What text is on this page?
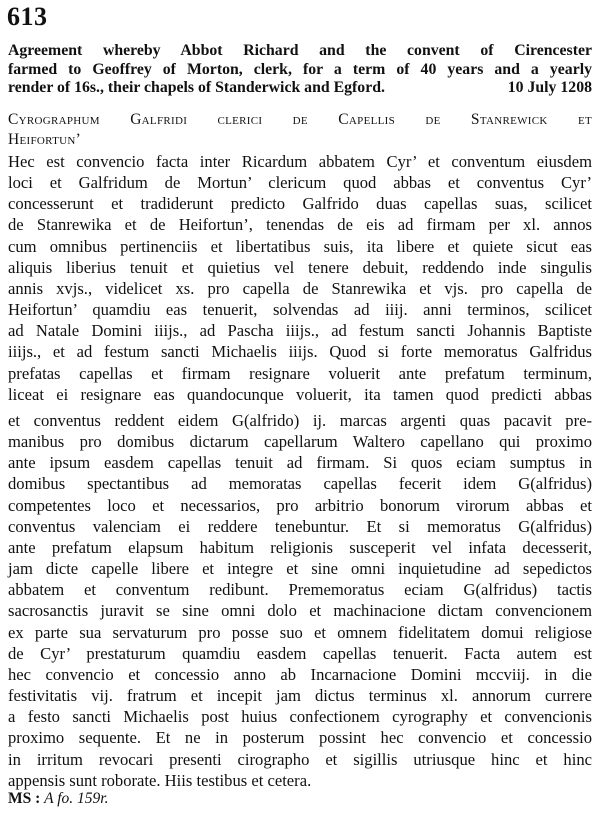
613
Agreement whereby Abbot Richard and the convent of Cirencester
farmed to Geoffrey of Morton, clerk, for a term of 40 years and a yearly
render of 16s., their chapels of Standerwick and Egford.	10 July 1208
Cyrographum Galfridi clerici de Capellis de Stanrewick et
Heifortun’
Hec est convencio facta inter Ricardum abbatem Cyr’ et conventum eiusdem
loci et Galfridum de Mortun’ clericum quod abbas et conventus Cyr’
concesserunt et tradiderunt predicto Galfrido duas capellas suas, scilicet
de Stanrewika et de Heifortun’, tenendas de eis ad firmam per xl. annos
cum omnibus pertinenciis et libertatibus suis, ita libere et quiete sicut eas
aliquis liberius tenuit et quietius vel tenere debuit, reddendo inde singulis
annis xvjs., videlicet xs. pro capella de Stanrewika et vjs. pro capella de
Heifortun’ quamdiu eas tenuerit, solvendas ad iiij. anni terminos, scilicet
ad Natale Domini iiijs., ad Pascha iiijs., ad festum sancti Johannis Baptiste
iiijs., et ad festum sancti Michaelis iiijs. Quod si forte memoratus Galfridus
prefatas capellas et firmam resignare voluerit ante prefatum terminum,
liceat ei resignare eas quandocunque voluerit, ita tamen quod predicti abbas
et conventus reddent eidem G(alfrido) ij. marcas argenti quas pacavit pre-
manibus pro domibus dictarum capellarum Waltero capellano qui proximo
ante ipsum easdem capellas tenuit ad firmam. Si quos eciam sumptus in
domibus spectantibus ad memoratas capellas fecerit idem G(alfridus)
competentes loco et necessarios, pro arbitrio bonorum virorum abbas et
conventus valenciam ei reddere tenebuntur. Et si memoratus G(alfridus)
ante prefatum elapsum habitum religionis susceperit vel infata decesserit,
jam dicte capelle libere et integre et sine omni inquietudine ad sepedictos
abbatem et conventum redibunt. Prememoratus eciam G(alfridus) tactis
sacrosanctis juravit se sine omni dolo et machinacione dictam convencionem
ex parte sua servaturum pro posse suo et omnem fidelitatem domui religiose
de Cyr’ prestaturum quamdiu easdem capellas tenuerit. Facta autem est
hec convencio et concessio anno ab Incarnacione Domini mccviij. in die
festivitatis vij. fratrum et incepit jam dictus terminus xl. annorum currere
a festo sancti Michaelis post huius confectionem cyrography et convencionis
proximo sequente. Et ne in posterum possint hec convencio et concessio
in irritum revocari presenti cirographo et sigillis utriusque hinc et hinc
appensis sunt roborate. Hiis testibus et cetera.
MS : A fo. 159r.
